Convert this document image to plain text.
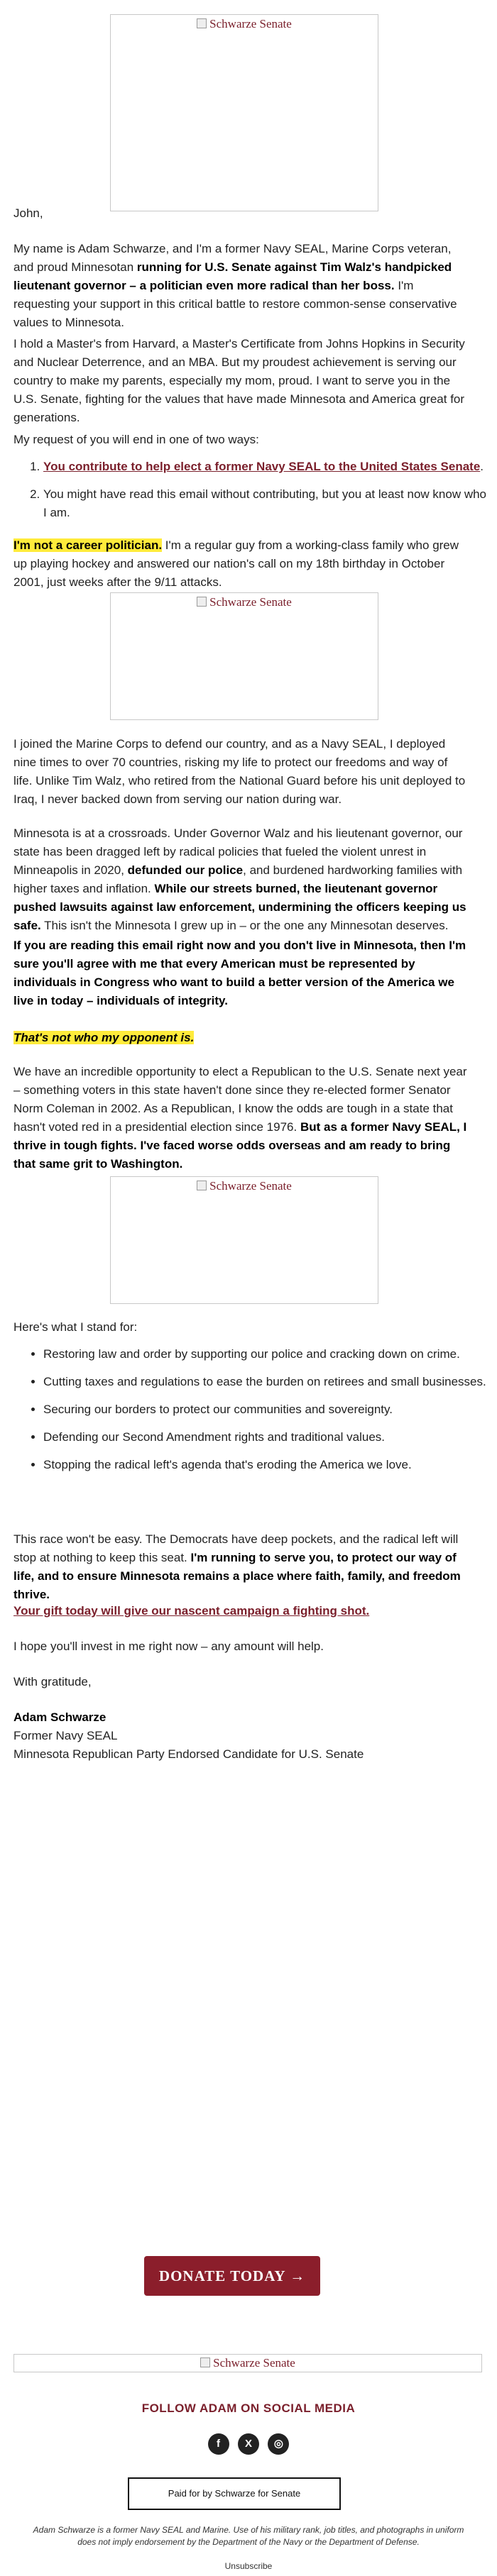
Schwarze Senate

John,

My name is Adam Schwarze, and I'm a former Navy SEAL, Marine Corps veteran, and proud Minnesotan running for U.S. Senate against Tim Walz's handpicked lieutenant governor – a politician even more radical than her boss. I'm requesting your support in this critical battle to restore common-sense conservative values to Minnesota.

I hold a Master's from Harvard, a Master's Certificate from Johns Hopkins in Security and Nuclear Deterrence, and an MBA. But my proudest achievement is serving our country to make my parents, especially my mom, proud. I want to serve you in the U.S. Senate, fighting for the values that have made Minnesota and America great for generations.

My request of you will end in one of two ways:

1. You contribute to help elect a former Navy SEAL to the United States Senate.
2. You might have read this email without contributing, but you at least now know who I am.

I'm not a career politician. I'm a regular guy from a working-class family who grew up playing hockey and answered our nation's call on my 18th birthday in October 2001, just weeks after the 9/11 attacks.

Schwarze Senate

I joined the Marine Corps to defend our country, and as a Navy SEAL, I deployed nine times to over 70 countries, risking my life to protect our freedoms and way of life. Unlike Tim Walz, who retired from the National Guard before his unit deployed to Iraq, I never backed down from serving our nation during war.

Minnesota is at a crossroads. Under Governor Walz and his lieutenant governor, our state has been dragged left by radical policies that fueled the violent unrest in Minneapolis in 2020, defunded our police, and burdened hardworking families with higher taxes and inflation. While our streets burned, the lieutenant governor pushed lawsuits against law enforcement, undermining the officers keeping us safe. This isn't the Minnesota I grew up in – or the one any Minnesotan deserves.

If you are reading this email right now and you don't live in Minnesota, then I'm sure you'll agree with me that every American must be represented by individuals in Congress who want to build a better version of the America we live in today – individuals of integrity.

That's not who my opponent is.

We have an incredible opportunity to elect a Republican to the U.S. Senate next year – something voters in this state haven't done since they re-elected former Senator Norm Coleman in 2002. As a Republican, I know the odds are tough in a state that hasn't voted red in a presidential election since 1976. But as a former Navy SEAL, I thrive in tough fights. I've faced worse odds overseas and am ready to bring that same grit to Washington.

Schwarze Senate

Here's what I stand for:

• Restoring law and order by supporting our police and cracking down on crime.
• Cutting taxes and regulations to ease the burden on retirees and small businesses.
• Securing our borders to protect our communities and sovereignty.
• Defending our Second Amendment rights and traditional values.
• Stopping the radical left's agenda that's eroding the America we love.

This race won't be easy. The Democrats have deep pockets, and the radical left will stop at nothing to keep this seat. I'm running to serve you, to protect our way of life, and to ensure Minnesota remains a place where faith, family, and freedom thrive.

Your gift today will give our nascent campaign a fighting shot.

I hope you'll invest in me right now – any amount will help.

With gratitude,

Adam Schwarze
Former Navy SEAL
Minnesota Republican Party Endorsed Candidate for U.S. Senate

DONATE TODAY →
Schwarze Senate
FOLLOW ADAM ON SOCIAL MEDIA
f X ◎
Paid for by Schwarze for Senate
Adam Schwarze is a former Navy SEAL and Marine. Use of his military rank, job titles, and photographs in uniform does not imply endorsement by the Department of the Navy or the Department of Defense.
Unsubscribe
